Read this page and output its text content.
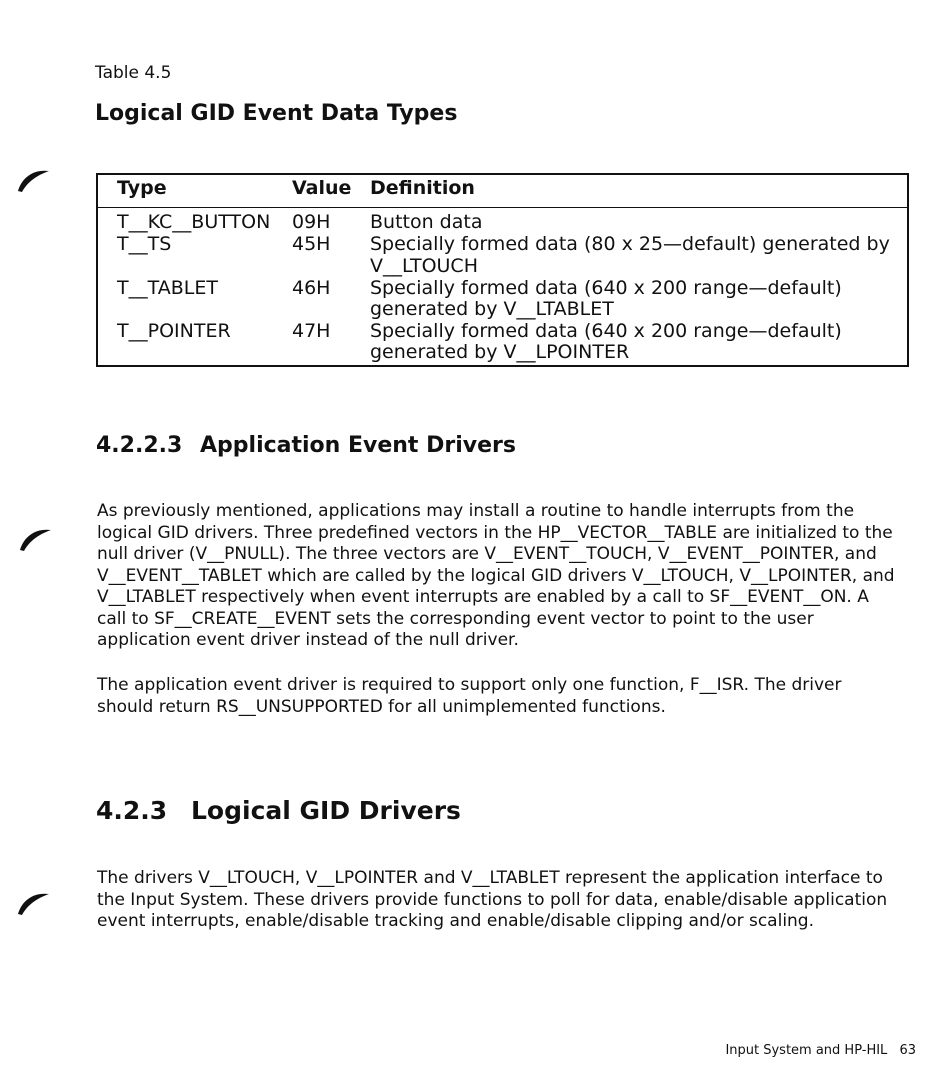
Table 4.5
Logical GID Event Data Types
Type	Value Definition
T__KC__BUTTON 09H Button data
T__TS	45H Specially formed data (80 x 25—default) generated by
V__LTOUCH
T__TABLET	46H Specially formed data (640 x 200 range—default)
generated by V__LTABLET
T__POINTER	47H Specially formed data (640 x 200 range—default)
generated by V__LPOINTER
4.2.2.3 Application Event Drivers
As previously mentioned, applications may install a routine to handle interrupts from the logical GID drivers. Three predefined vectors in the HP__VECTOR__TABLE are initialized to the null driver (V__PNULL). The three vectors are V__EVENT__TOUCH, V__EVENT__POINTER, and V__EVENT__TABLET which are called by the logical GID drivers V__LTOUCH, V__LPOINTER, and V__LTABLET respectively when event interrupts are enabled by a call to SF__EVENT__ON. A call to SF__CREATE__EVENT sets the corresponding event vector to point to the user application event driver instead of the null driver.
The application event driver is required to support only one function, F__ISR. The driver should return RS__UNSUPPORTED for all unimplemented functions.
4.2.3 Logical GID Drivers
The drivers V__LTOUCH, V__LPOINTER and V__LTABLET represent the application interface to the Input System. These drivers provide functions to poll for data, enable/disable application event interrupts, enable/disable tracking and enable/disable clipping and/or scaling.
Input System and HP-HIL 63
